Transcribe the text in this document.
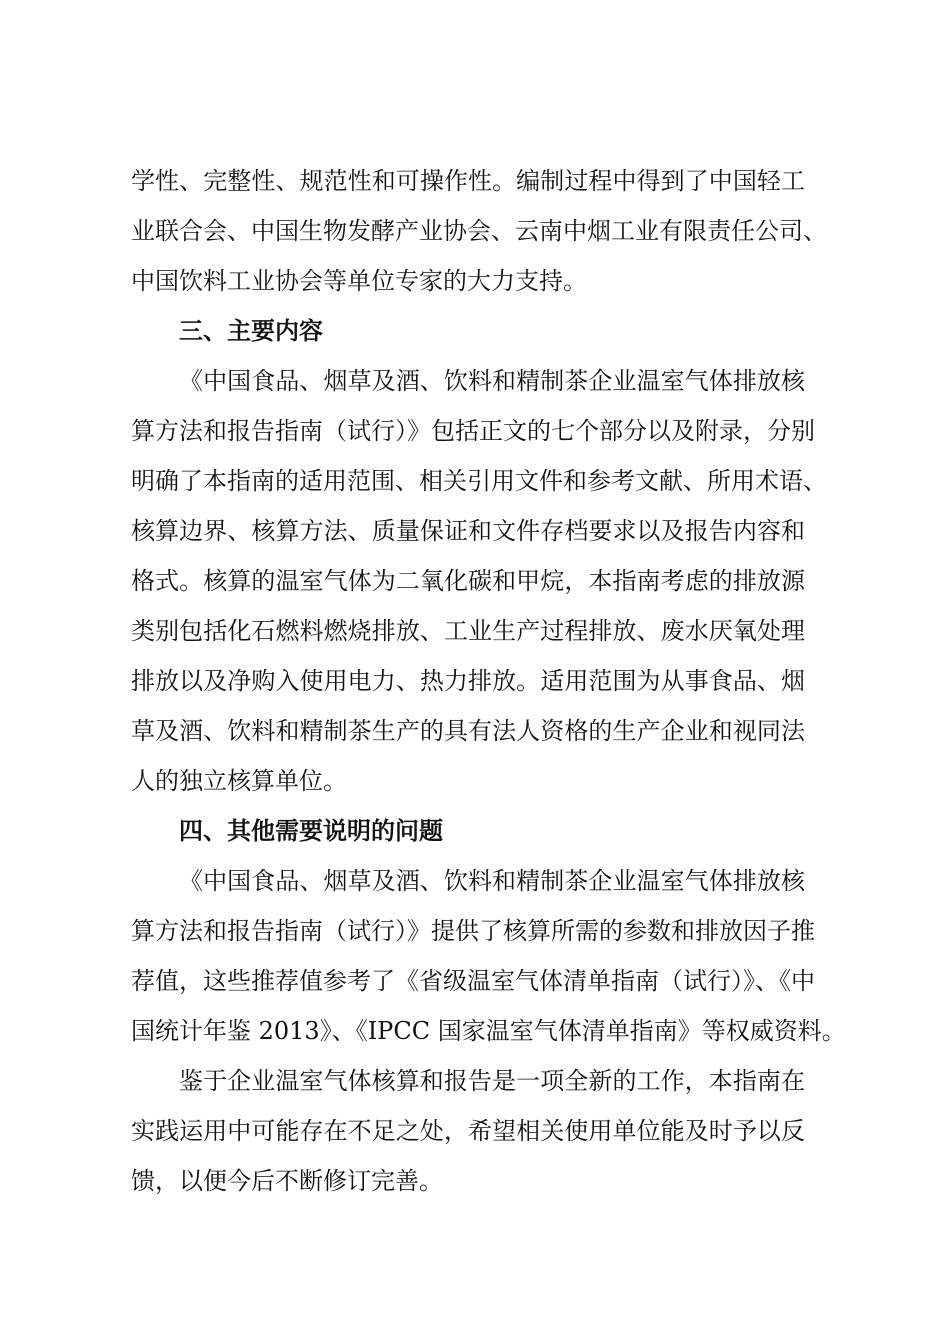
学性、完整性、规范性和可操作性。编制过程中得到了中国轻工
业联合会、中国生物发酵产业协会、云南中烟工业有限责任公司、
中国饮料工业协会等单位专家的大力支持。
三、主要内容
《中国食品、烟草及酒、饮料和精制茶企业温室气体排放核
算方法和报告指南（试行）》包括正文的七个部分以及附录，分别
明确了本指南的适用范围、相关引用文件和参考文献、所用术语、
核算边界、核算方法、质量保证和文件存档要求以及报告内容和
格式。核算的温室气体为二氧化碳和甲烷，本指南考虑的排放源
类别包括化石燃料燃烧排放、工业生产过程排放、废水厌氧处理
排放以及净购入使用电力、热力排放。适用范围为从事食品、烟
草及酒、饮料和精制茶生产的具有法人资格的生产企业和视同法
人的独立核算单位。
四、其他需要说明的问题
《中国食品、烟草及酒、饮料和精制茶企业温室气体排放核
算方法和报告指南（试行）》提供了核算所需的参数和排放因子推
荐值，这些推荐值参考了《省级温室气体清单指南（试行）》、《中
国统计年鉴 2013》、《IPCC 国家温室气体清单指南》等权威资料。
鉴于企业温室气体核算和报告是一项全新的工作，本指南在
实践运用中可能存在不足之处，希望相关使用单位能及时予以反
馈，以便今后不断修订完善。
